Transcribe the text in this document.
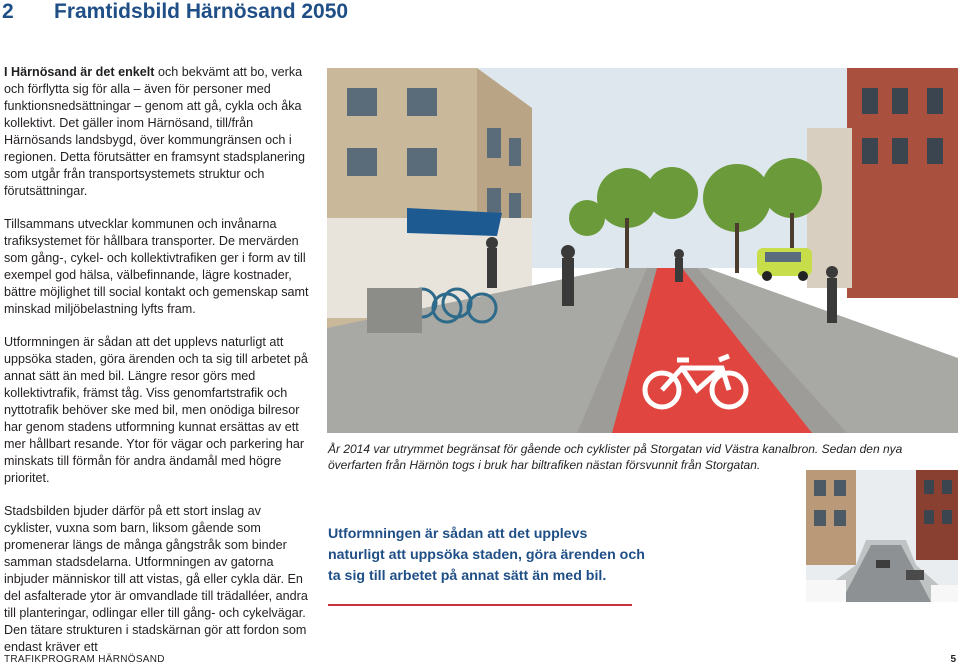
2	Framtidsbild Härnösand 2050

I Härnösand är det enkelt och bekvämt att bo, verka och förflytta sig för alla – även för personer med funktionsnedsättningar – genom att gå, cykla och åka kollektivt. Det gäller inom Härnösand, till/från Härnösands landsbygd, över kommungränsen och i regionen. Detta förutsätter en framsynt stadsplanering som utgår från transportsystemets struktur och förutsättningar.

Tillsammans utvecklar kommunen och invånarna trafiksystemet för hållbara transporter. De mervärden som gång-, cykel- och kollektivtrafiken ger i form av till exempel god hälsa, välbefinnande, lägre kostnader, bättre möjlighet till social kontakt och gemenskap samt minskad miljöbelastning lyfts fram.

Utformningen är sådan att det upplevs naturligt att uppsöka staden, göra ärenden och ta sig till arbetet på annat sätt än med bil. Längre resor görs med kollektivtrafik, främst tåg. Viss genomfartstrafik och nyttotrafik behöver ske med bil, men onödiga bilresor har genom stadens utformning kunnat ersättas av ett mer hållbart resande. Ytor för vägar och parkering har minskats till förmån för andra ändamål med högre prioritet.

Stadsbilden bjuder därför på ett stort inslag av cyklister, vuxna som barn, liksom gående som promenerar längs de många gångstråk som binder samman stadsdelarna. Utformningen av gatorna inbjuder människor till att vistas, gå eller cykla där. En del asfalterade ytor är omvandlade till trädalléer, andra till planteringar, odlingar eller till gång- och cykelvägar. Den tätare strukturen i stadskärnan gör att fordon som endast kräver ett

År 2014 var utrymmet begränsat för gående och cyklister på Storgatan vid Västra kanalbron. Sedan den nya överfarten från Härnön togs i bruk har biltrafiken nästan försvunnit från Storgatan.
Utformningen är sådan att det upplevs naturligt att uppsöka staden, göra ärenden och ta sig till arbetet på annat sätt än med bil.
TRAFIKPROGRAM HÄRNÖSAND	5
